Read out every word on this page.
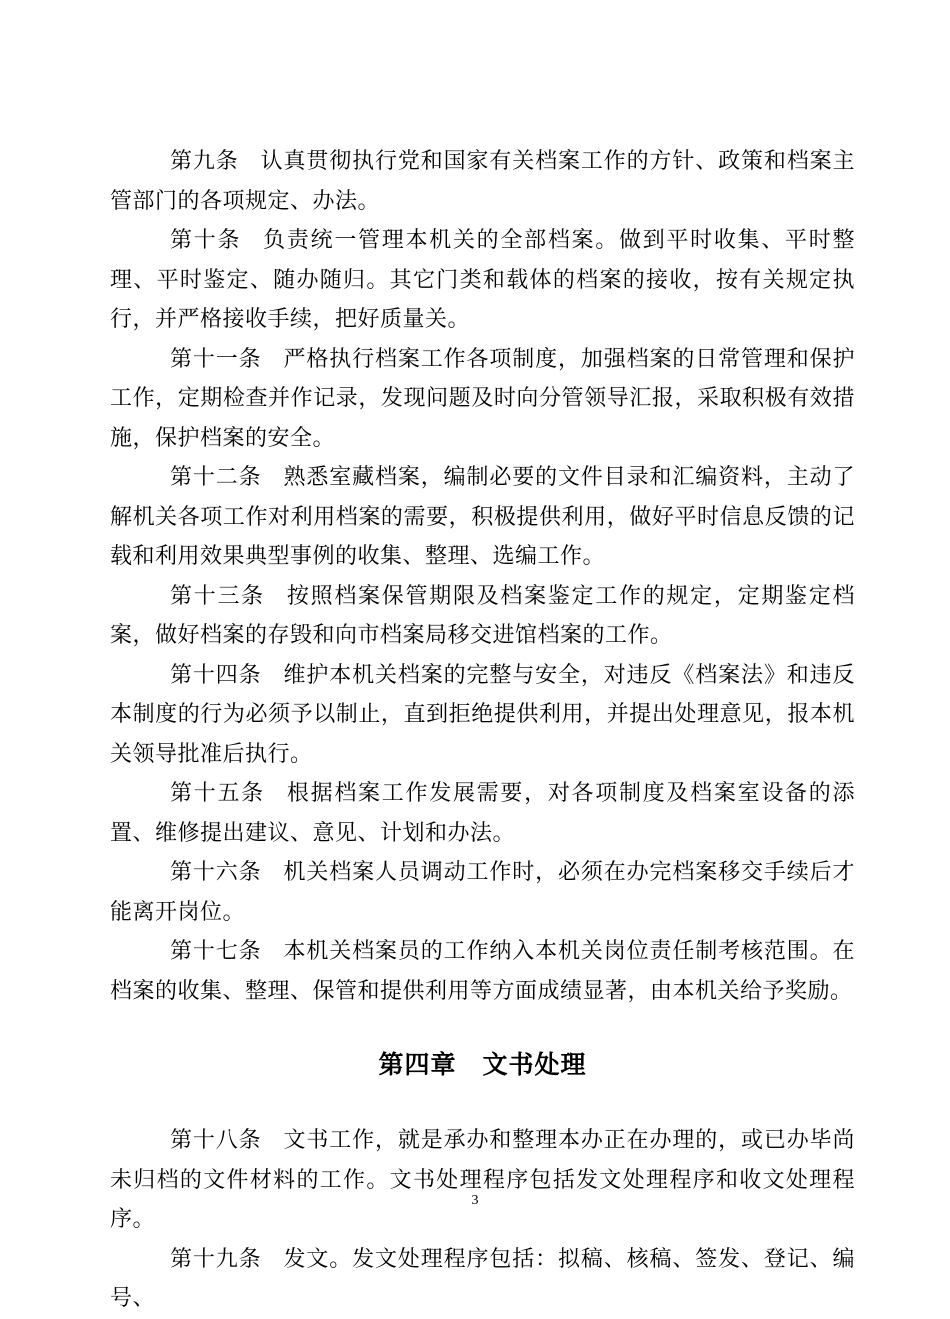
第九条 认真贯彻执行党和国家有关档案工作的方针、政策和档案主管部门的各项规定、办法。

第十条 负责统一管理本机关的全部档案。做到平时收集、平时整理、平时鉴定、随办随归。其它门类和载体的档案的接收，按有关规定执行，并严格接收手续，把好质量关。

第十一条 严格执行档案工作各项制度，加强档案的日常管理和保护工作，定期检查并作记录，发现问题及时向分管领导汇报，采取积极有效措施，保护档案的安全。

第十二条 熟悉室藏档案，编制必要的文件目录和汇编资料，主动了解机关各项工作对利用档案的需要，积极提供利用，做好平时信息反馈的记载和利用效果典型事例的收集、整理、选编工作。

第十三条 按照档案保管期限及档案鉴定工作的规定，定期鉴定档案，做好档案的存毁和向市档案局移交进馆档案的工作。

第十四条 维护本机关档案的完整与安全，对违反《档案法》和违反本制度的行为必须予以制止，直到拒绝提供利用，并提出处理意见，报本机关领导批准后执行。

第十五条 根据档案工作发展需要，对各项制度及档案室设备的添置、维修提出建议、意见、计划和办法。

第十六条 机关档案人员调动工作时，必须在办完档案移交手续后才能离开岗位。

第十七条 本机关档案员的工作纳入本机关岗位责任制考核范围。在档案的收集、整理、保管和提供利用等方面成绩显著，由本机关给予奖励。

第四章　文书处理

第十八条 文书工作，就是承办和整理本办正在办理的，或已办毕尚未归档的文件材料的工作。文书处理程序包括发文处理程序和收文处理程序。

第十九条 发文。发文处理程序包括：拟稿、核稿、签发、登记、编号、

3
